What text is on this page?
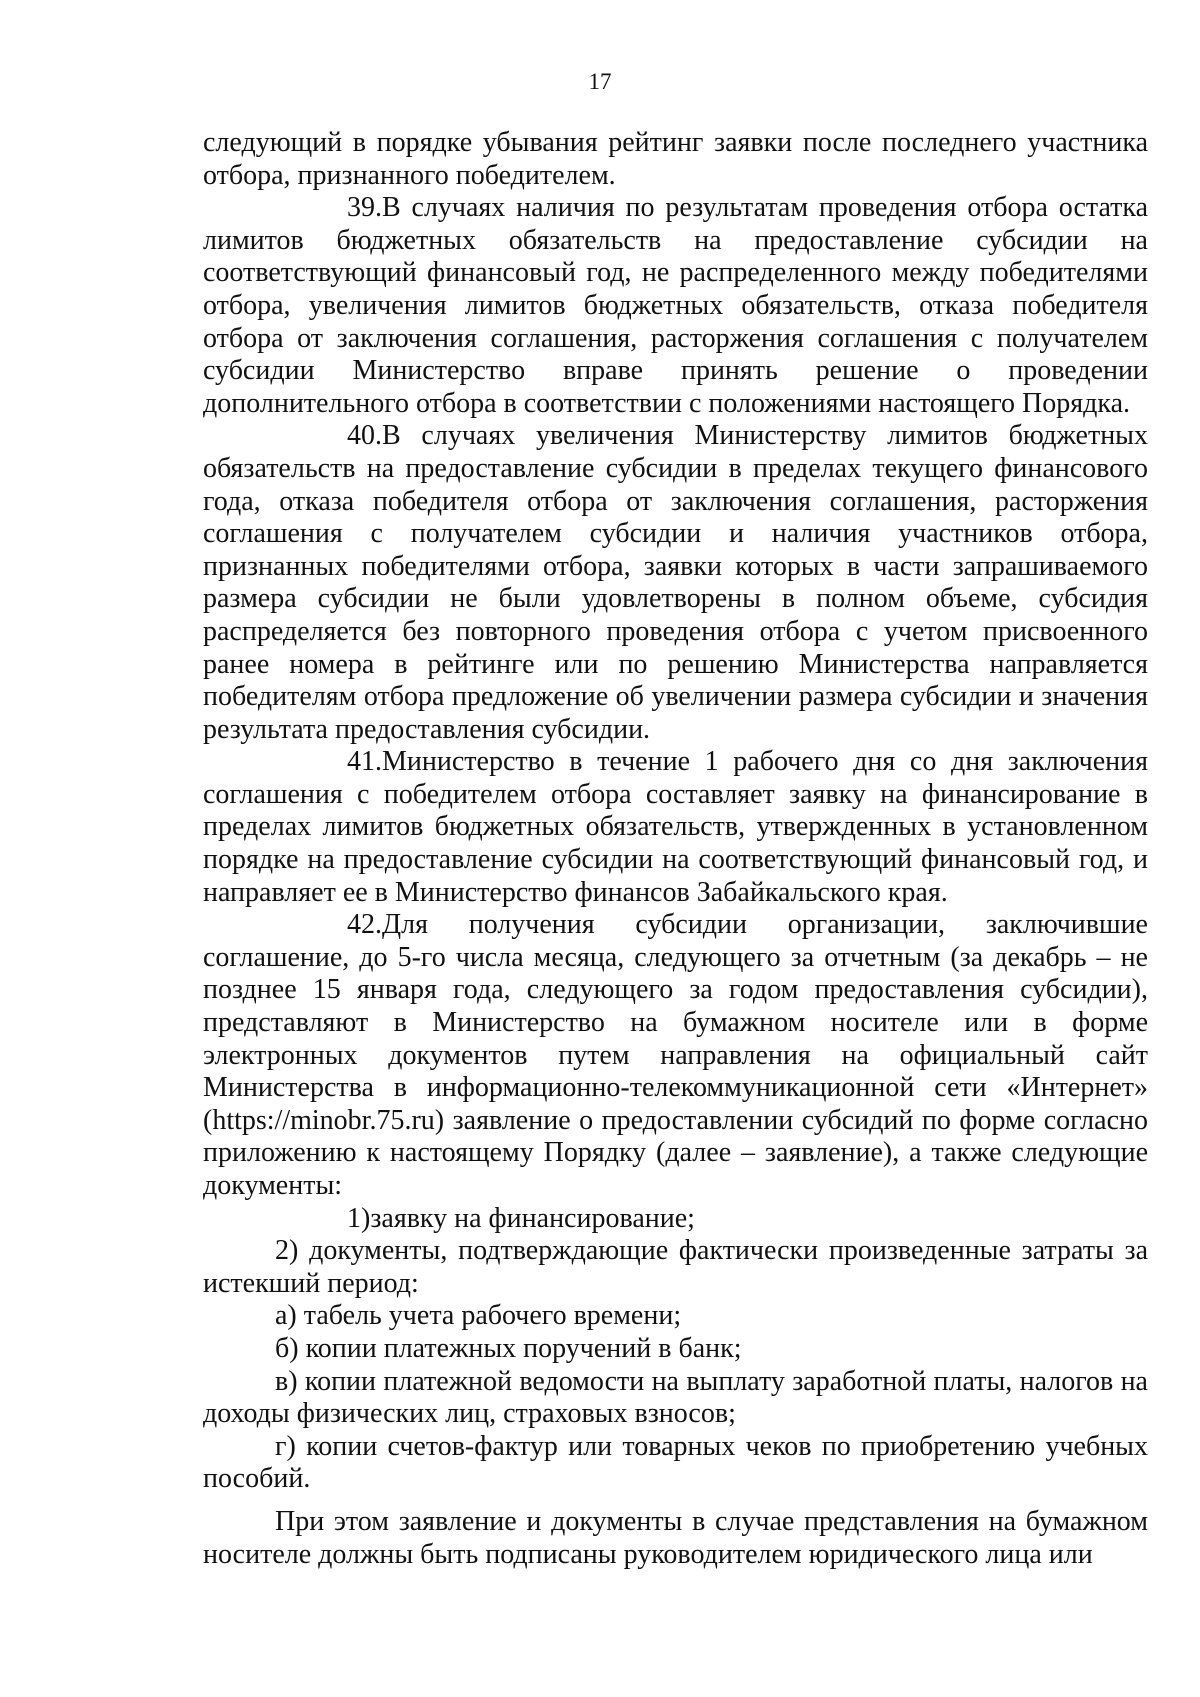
17

следующий в порядке убывания рейтинг заявки после последнего участника отбора, признанного победителем.

39.В случаях наличия по результатам проведения отбора остатка лимитов бюджетных обязательств на предоставление субсидии на соответствующий финансовый год, не распределенного между победителями отбора, увеличения лимитов бюджетных обязательств, отказа победителя отбора от заключения соглашения, расторжения соглашения с получателем субсидии Министерство вправе принять решение о проведении дополнительного отбора в соответствии с положениями настоящего Порядка.

40.В случаях увеличения Министерству лимитов бюджетных обязательств на предоставление субсидии в пределах текущего финансового года, отказа победителя отбора от заключения соглашения, расторжения соглашения с получателем субсидии и наличия участников отбора, признанных победителями отбора, заявки которых в части запрашиваемого размера субсидии не были удовлетворены в полном объеме, субсидия распределяется без повторного проведения отбора с учетом присвоенного ранее номера в рейтинге или по решению Министерства направляется победителям отбора предложение об увеличении размера субсидии и значения результата предоставления субсидии.

41.Министерство в течение 1 рабочего дня со дня заключения соглашения с победителем отбора составляет заявку на финансирование в пределах лимитов бюджетных обязательств, утвержденных в установленном порядке на предоставление субсидии на соответствующий финансовый год, и направляет ее в Министерство финансов Забайкальского края.

42.Для получения субсидии организации, заключившие соглашение, до 5-го числа месяца, следующего за отчетным (за декабрь – не позднее 15 января года, следующего за годом предоставления субсидии), представляют в Министерство на бумажном носителе или в форме электронных документов путем направления на официальный сайт Министерства в информационно-телекоммуникационной сети «Интернет» (https://minobr.75.ru) заявление о предоставлении субсидий по форме согласно приложению к настоящему Порядку (далее – заявление), а также следующие документы:

1)заявку на финансирование;

2) документы, подтверждающие фактически произведенные затраты за истекший период:

а) табель учета рабочего времени;

б) копии платежных поручений в банк;

в) копии платежной ведомости на выплату заработной платы, налогов на доходы физических лиц, страховых взносов;

г) копии счетов-фактур или товарных чеков по приобретению учебных пособий.

При этом заявление и документы в случае представления на бумажном носителе должны быть подписаны руководителем юридического лица или
